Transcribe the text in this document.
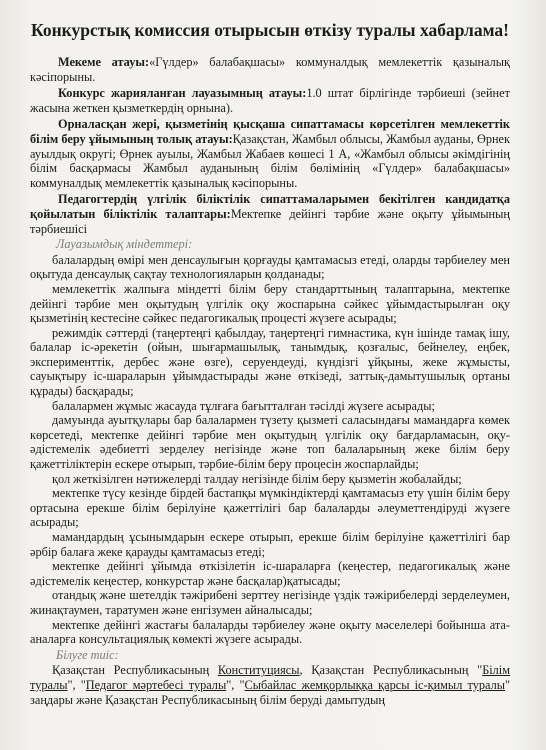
Конкурстық комиссия отырысын өткізу туралы хабарлама!

Мекеме атауы:«Гүлдер» балабақшасы» коммуналдық мемлекеттік қазыналық кәсіпорыны.

Конкурс жарияланған лауазымның атауы:1.0 штат бірлігінде тәрбиеші (зейнет жасына жеткен қызметкердің орнына).

Орналасқан жері, қызметінің қысқаша сипаттамасы көрсетілген мемлекеттік білім беру ұйымының толық атауы:Қазақстан, Жамбыл облысы, Жамбыл ауданы, Өрнек ауылдық округі; Өрнек ауылы, Жамбыл Жабаев көшесі 1 А, «Жамбыл облысы әкімдігінің білім басқармасы Жамбыл ауданының білім бөлімінің «Гүлдер» балабақшасы» коммуналдық мемлекеттік қазыналық кәсіпорыны.

Педагогтердің үлгілік біліктілік сипаттамаларымен бекітілген кандидатқа қойылатын біліктілік талаптары:Мектепке дейінгі тәрбие және оқыту ұйымының тәрбиешісі

Лауазымдық міндеттері:

балалардың өмірі мен денсаулығын қорғауды қамтамасыз етеді, оларды тәрбиелеу мен оқытуда денсаулық сақтау технологияларын қолданады;

мемлекеттік жалпыға міндетті білім беру стандарттының талаптарына, мектепке дейінгі тәрбие мен оқытудың үлгілік оқу жоспарына сәйкес ұйымдастырылған оқу қызметінің кестесіне сәйкес педагогикалық процесті жүзеге асырады;

режимдік сәттерді (таңертеңгі қабылдау, таңертеңгі гимнастика, күн ішінде тамақ ішу, балалар іс-әрекетін (ойын, шығармашылық, танымдық, қозғалыс, бейнелеу, еңбек, эксперименттік, дербес және өзге), серуендеуді, күндізгі ұйқыны, жеке жұмысты, сауықтыру іс-шараларын ұйымдастырады және өткізеді, заттық-дамытушылық ортаны құрады) басқарады;

балалармен жұмыс жасауда тұлғаға бағытталған тәсілді жүзеге асырады;

дамуында ауытқулары бар балалармен түзету қызметі саласындағы мамандарға көмек көрсетеді, мектепке дейінгі тәрбие мен оқытудың үлгілік оқу бағдарламасын, оқу-әдістемелік әдебиетті зерделеу негізінде және топ балаларының жеке білім беру қажеттіліктерін ескере отырып, тәрбие-білім беру процесін жоспарлайды;

қол жеткізілген нәтижелерді талдау негізінде білім беру қызметін жобалайды;

мектепке түсу кезінде бірдей бастапқы мүмкіндіктерді қамтамасыз ету үшін білім беру ортасына ерекше білім берілуіне қажеттілігі бар балаларды әлеуметтендіруді жүзеге асырады;

мамандардың ұсынымдарын ескере отырып, ерекше білім берілуіне қажеттілігі бар әрбір балаға жеке қарауды қамтамасыз етеді;

мектепке дейінгі ұйымда өткізілетін іс-шараларға (кеңестер, педагогикалық және әдістемелік кеңестер, конкурстар және басқалар)қатысады;

отандық және шетелдік тәжірибені зерттеу негізінде үздік тәжірибелерді зерделеумен, жинақтаумен, таратумен және енгізумен айналысады;

мектепке дейінгі жастағы балаларды тәрбиелеу және оқыту мәселелері бойынша ата-аналарға консультациялық көмекті жүзеге асырады.

Білуге тиіс:

Қазақстан Республикасының Конституциясы, Қазақстан Республикасының "Білім туралы", "Педагог мәртебесі туралы", "Сыбайлас жемқорлыққа қарсы іс-қимыл туралы" заңдары және Қазақстан Республикасының білім беруді дамытудың
